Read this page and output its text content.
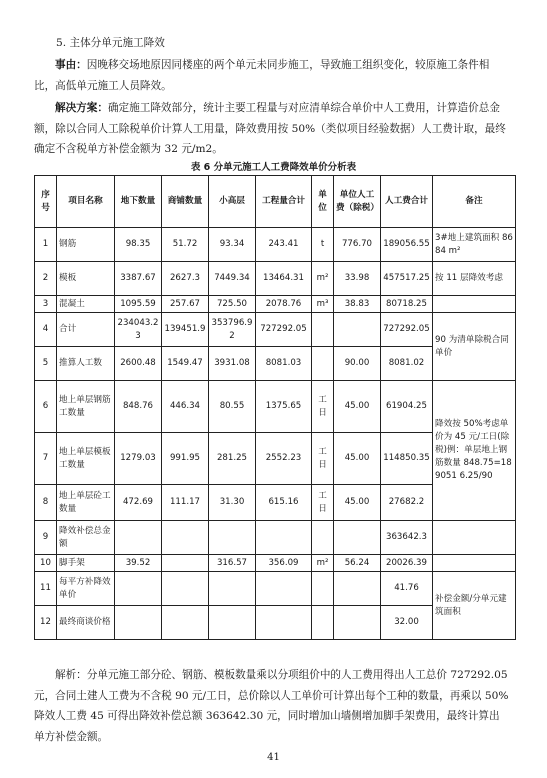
5. 主体分单元施工降效

事由：因晚移交场地原因同楼座的两个单元未同步施工，导致施工组织变化，较原施工条件相比，高低单元施工人员降效。

解决方案：确定施工降效部分，统计主要工程量与对应清单综合单价中人工费用，计算造价总金额，除以合同人工除税单价计算人工用量，降效费用按 50%（类似项目经验数据）人工费计取，最终确定不含税单方补偿金额为 32 元/m2。

表 6 分单元施工人工费降效单价分析表
序号	项目名称	地下数量	商铺数量	小高层	工程量合计	单位	单位人工费（除税）	人工费合计	备注
1	钢筋	98.35	51.72	93.34	243.41	t	776.70	189056.55	3#地上建筑面积 8684 m²
2	模板	3387.67	2627.3	7449.34	13464.31	m²	33.98	457517.25	按 11 层降效考虑
3	混凝土	1095.59	257.67	725.50	2078.76	m³	38.83	80718.25	
4	合计	234043.23	139451.9	353796.92	727292.05			727292.05	90 为清单除税合同单价
5	推算人工数	2600.48	1549.47	3931.08	8081.03		90.00	8081.02	
6	地上单层钢筋工数量	848.76	446.34	80.55	1375.65	工日	45.00	61904.25	降效按 50%考虑单价为 45 元/工日(除税)例：单层地上钢筋数量 848.75=189051 6.25/90
7	地上单层模板工数量	1279.03	991.95	281.25	2552.23	工日	45.00	114850.35	
8	地上单层砼工数量	472.69	111.17	31.30	615.16	工日	45.00	27682.2	
9	降效补偿总金额							363642.3	
10	脚手架	39.52		316.57	356.09	m²	56.24	20026.39	
11	每平方补降效单价							41.76	补偿金额/分单元建筑面积
12	最终商谈价格							32.00	

解析：分单元施工部分砼、钢筋、模板数量乘以分项组价中的人工费用得出人工总价 727292.05 元，合同土建人工费为不含税 90 元/工日，总价除以人工单价可计算出每个工种的数量，再乘以 50%降效人工费 45 可得出降效补偿总额 363642.30 元，同时增加山墙侧增加脚手架费用，最终计算出单方补偿金额。

41
